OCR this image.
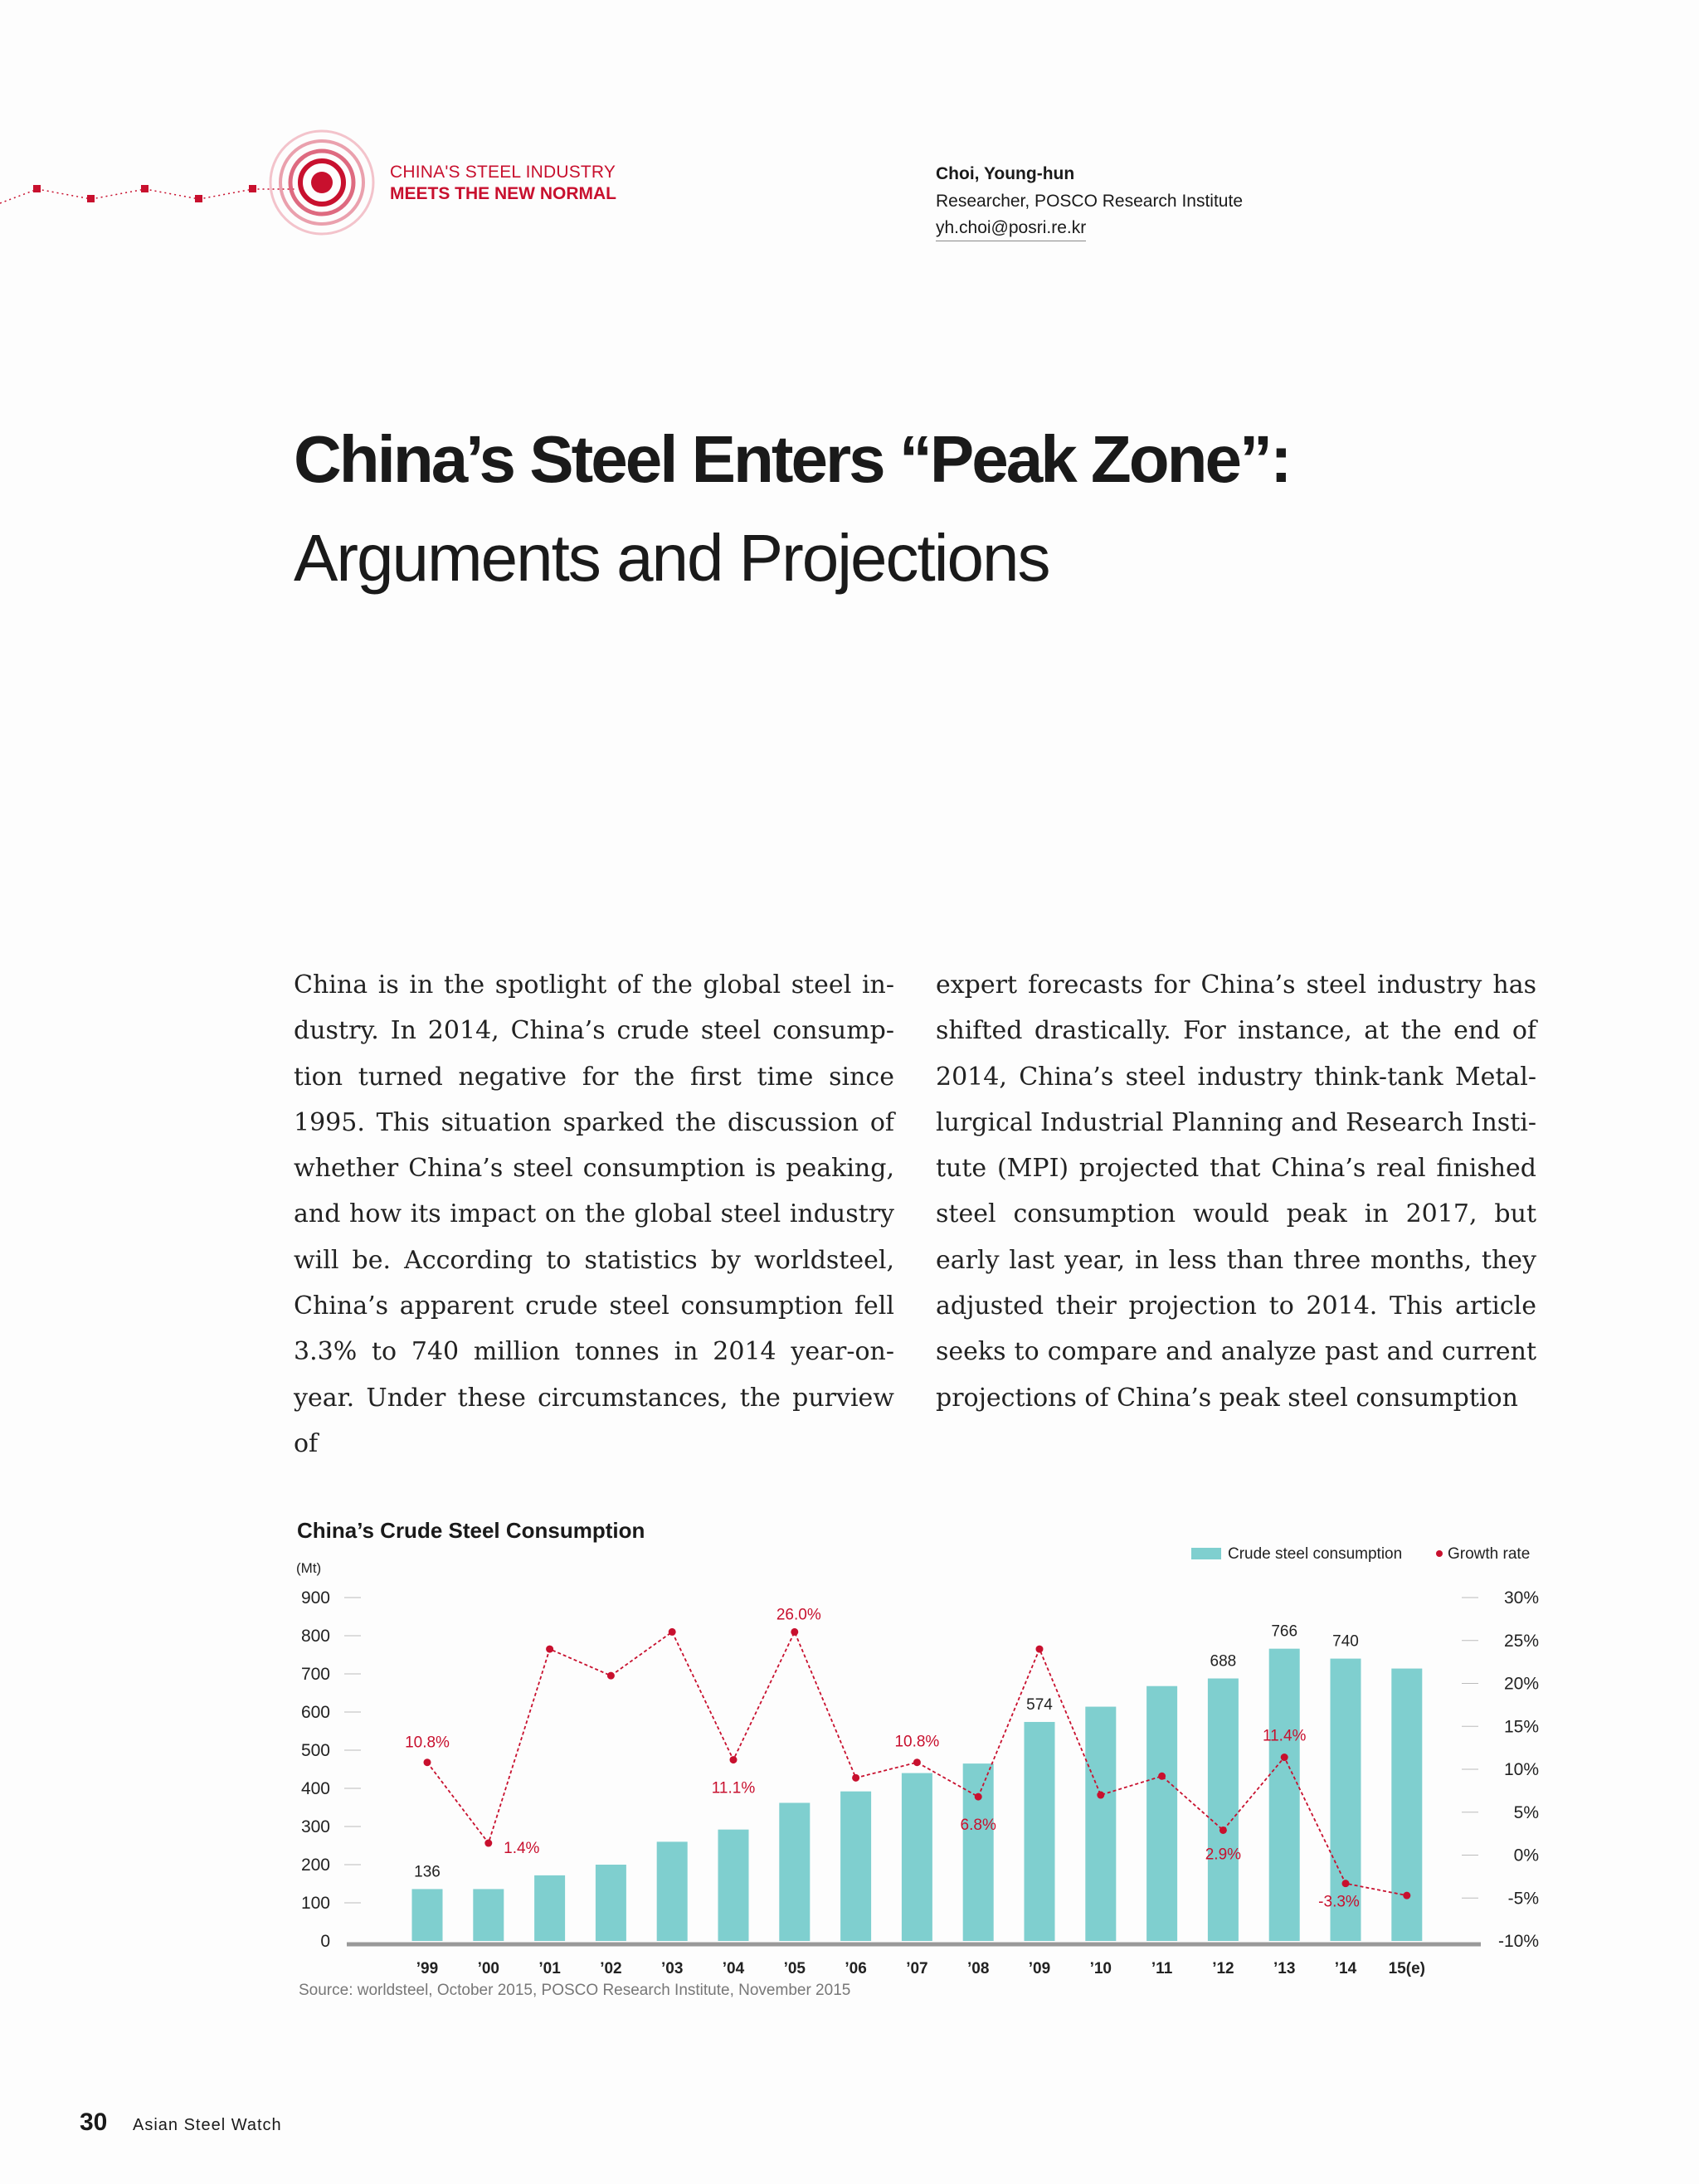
CHINA'S STEEL INDUSTRY
MEETS THE NEW NORMAL
Choi, Young-hun
Researcher, POSCO Research Institute
yh.choi@posri.re.kr
China’s Steel Enters “Peak Zone”:
Arguments and Projections
China is in the spotlight of the global steel in-dustry. In 2014, China’s crude steel consump-tion turned negative for the first time since 1995. This situation sparked the discussion of whether China’s steel consumption is peaking, and how its impact on the global steel industry will be. According to statistics by worldsteel, China’s apparent crude steel consumption fell 3.3% to 740 million tonnes in 2014 year-on-year. Under these circumstances, the purview of
expert forecasts for China’s steel industry has shifted drastically. For instance, at the end of 2014, China’s steel industry think-tank Metal-lurgical Industrial Planning and Research Insti-tute (MPI) projected that China’s real finished steel consumption would peak in 2017, but early last year, in less than three months, they adjusted their projection to 2014. This article seeks to compare and analyze past and current projections of China’s peak steel consumption
China’s Crude Steel Consumption
(Mt)
0
100
200
300
400
500
600
700
800
900	30%
25%
20%
15%
10%
5%
0%
-5%
-10%
136
574
688
766
740
10.8%
1.4%
11.1%
26.0%
10.8%
6.8%
2.9%
11.4%
-3.3%
’99 ’00 ’01 ’02 ’03 ’04 ’05 ’06 ’07 ’08 ’09 ’10	’11	’12 ’13 ’14 15(e)
Crude steel consumption	Growth rate
Source: worldsteel, October 2015, POSCO Research Institute, November 2015
30 Asian Steel Watch
